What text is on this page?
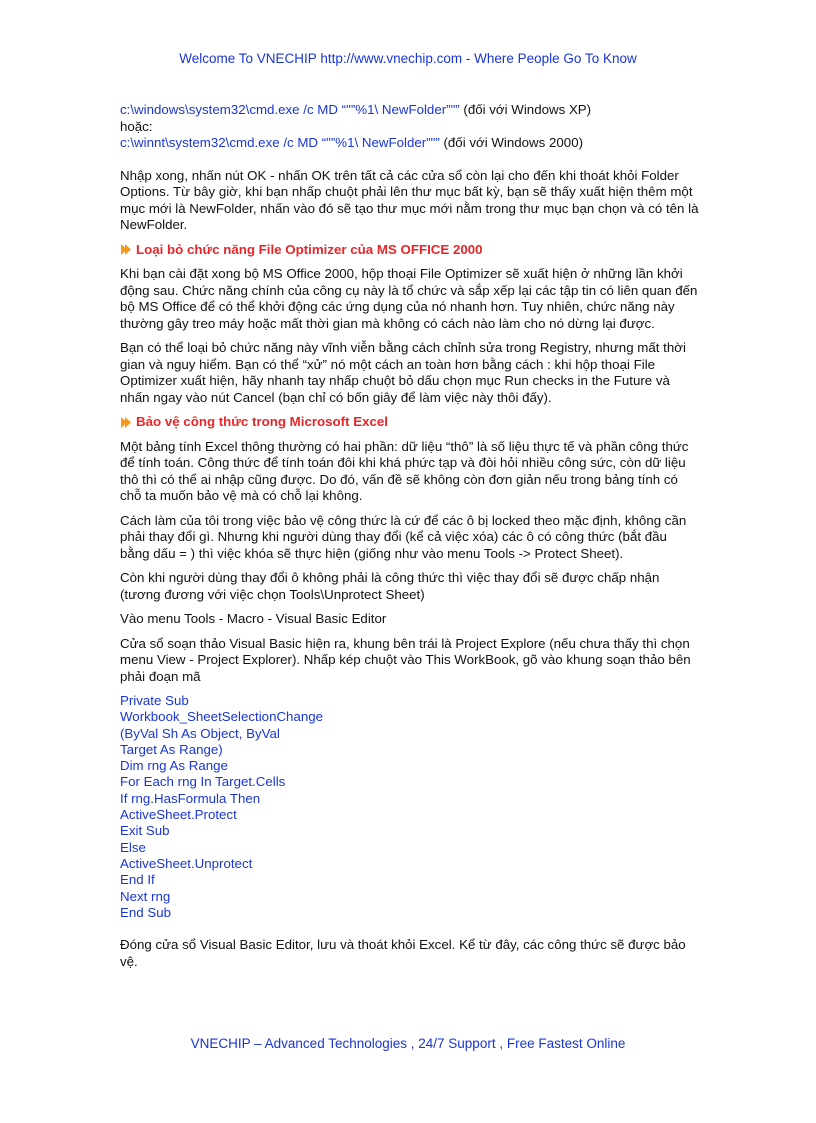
Welcome To VNECHIP http://www.vnechip.com - Where People Go To Know
c:\windows\system32\cmd.exe /c MD “"”%1\ NewFolder”"” (đối với Windows XP)
hoặc:
c:\winnt\system32\cmd.exe /c MD “"”%1\ NewFolder”"” (đối với Windows 2000)

Nhập xong, nhấn nút OK - nhấn OK trên tất cả các cửa sổ còn lại cho đến khi thoát khỏi Folder Options. Từ bây giờ, khi bạn nhấp chuột phải lên thư mục bất kỳ, bạn sẽ thấy xuất hiện thêm một mục mới là NewFolder, nhấn vào đó sẽ tạo thư mục mới nằm trong thư mục bạn chọn và có tên là NewFolder.

Loại bỏ chức năng File Optimizer của MS OFFICE 2000

Khi bạn cài đặt xong bộ MS Office 2000, hộp thoại File Optimizer sẽ xuất hiện ở những lần khởi động sau. Chức năng chính của công cụ này là tổ chức và sắp xếp lại các tập tin có liên quan đến bộ MS Office để có thể khởi động các ứng dụng của nó nhanh hơn. Tuy nhiên, chức năng này thường gây treo máy hoặc mất thời gian mà không có cách nào làm cho nó dừng lại được.

Bạn có thể loại bỏ chức năng này vĩnh viễn bằng cách chỉnh sửa trong Registry, nhưng mất thời gian và nguy hiểm. Bạn có thể “xử” nó một cách an toàn hơn bằng cách : khi hộp thoại File Optimizer xuất hiện, hãy nhanh tay nhấp chuột bỏ dấu chọn mục Run checks in the Future và nhấn ngay vào nút Cancel (bạn chỉ có bốn giây để làm việc này thôi đấy).

Bảo vệ công thức trong Microsoft Excel

Một bảng tính Excel thông thường có hai phần: dữ liệu “thô” là số liệu thực tế và phần công thức để tính toán. Công thức để tính toán đôi khi khá phức tạp và đòi hỏi nhiều công sức, còn dữ liệu thô thì có thể ai nhập cũng được. Do đó, vấn đề sẽ không còn đơn giản nếu trong bảng tính có chỗ ta muốn bảo vệ mà có chỗ lại không.

Cách làm của tôi trong việc bảo vệ công thức là cứ để các ô bị locked theo mặc định, không cần phải thay đổi gì. Nhưng khi người dùng thay đổi (kể cả việc xóa) các ô có công thức (bắt đầu bằng dấu = ) thì việc khóa sẽ thực hiện (giống như vào menu Tools -> Protect Sheet).

Còn khi người dùng thay đổi ô không phải là công thức thì việc thay đổi sẽ được chấp nhận (tương đương với việc chọn Tools\Unprotect Sheet)

Vào menu Tools - Macro - Visual Basic Editor

Cửa sổ soạn thảo Visual Basic hiện ra, khung bên trái là Project Explore (nếu chưa thấy thì chọn menu View - Project Explorer). Nhấp kép chuột vào This WorkBook, gõ vào khung soạn thảo bên phải đoạn mã

Private Sub
Workbook_SheetSelectionChange
(ByVal Sh As Object, ByVal
Target As Range)
Dim rng As Range
For Each rng In Target.Cells
If rng.HasFormula Then
ActiveSheet.Protect
Exit Sub
Else
ActiveSheet.Unprotect
End If
Next rng
End Sub

Đóng cửa sổ Visual Basic Editor, lưu và thoát khỏi Excel. Kể từ đây, các công thức sẽ được bảo vệ.

VNECHIP – Advanced Technologies , 24/7 Support , Free Fastest Online
